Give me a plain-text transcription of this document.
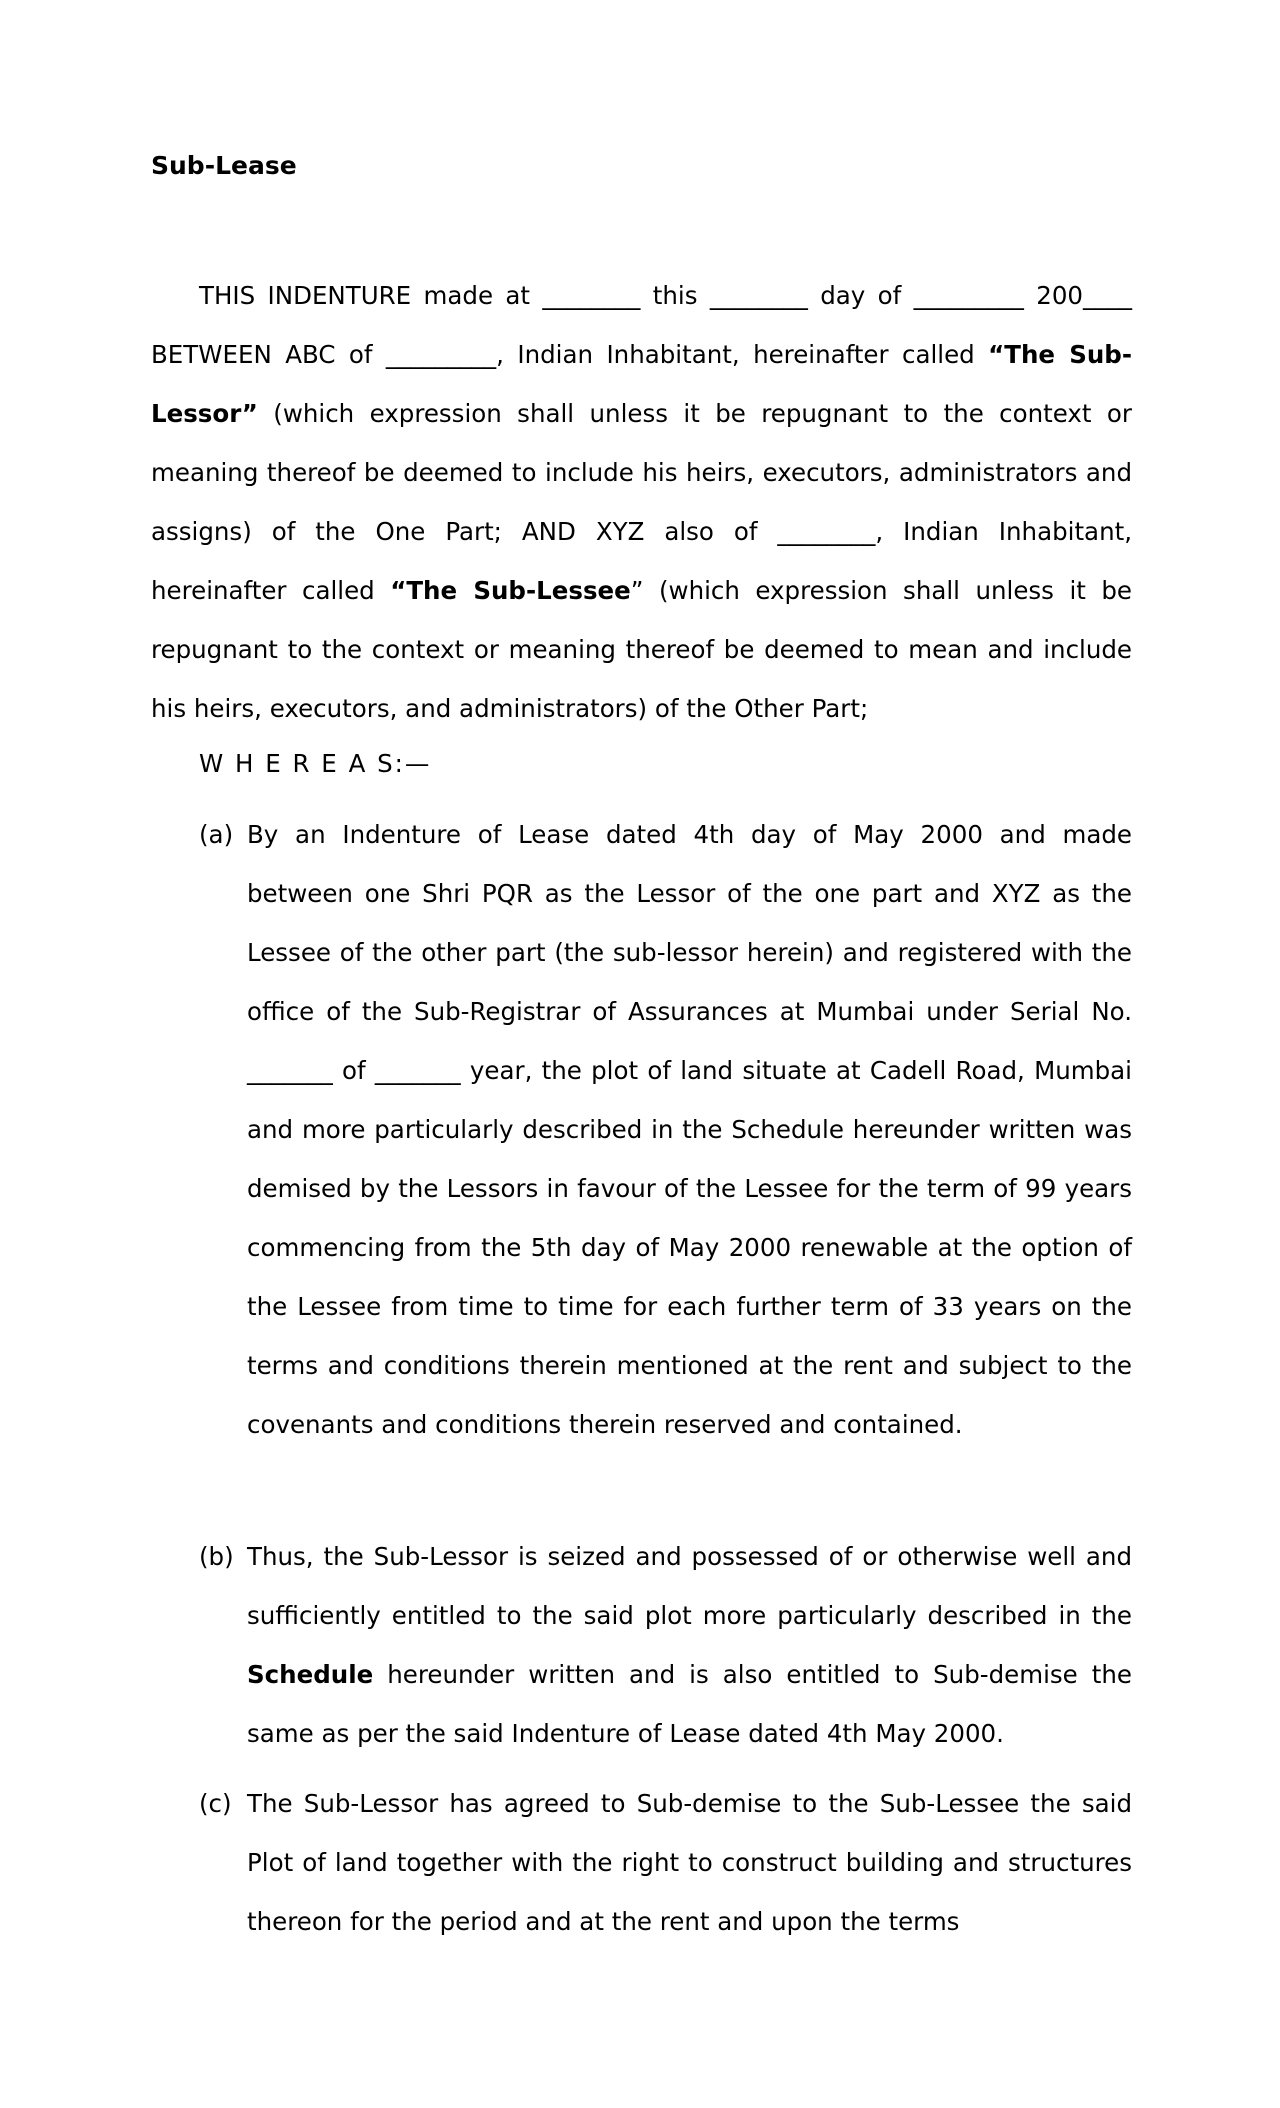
Sub-Lease

THIS INDENTURE made at ________ this ________ day of _________ 200____ BETWEEN ABC of _________, Indian Inhabitant, hereinafter called “The Sub-Lessor” (which expression shall unless it be repugnant to the context or meaning thereof be deemed to include his heirs, executors, administrators and assigns) of the One Part; AND XYZ also of ________, Indian Inhabitant, hereinafter called “The Sub-Lessee” (which expression shall unless it be repugnant to the context or meaning thereof be deemed to mean and include his heirs, executors, and administrators) of the Other Part;

W H E R E A S:—

(a) By an Indenture of Lease dated 4th day of May 2000 and made between one Shri PQR as the Lessor of the one part and XYZ as the Lessee of the other part (the sub-lessor herein) and registered with the office of the Sub-Registrar of Assurances at Mumbai under Serial No. _______ of _______ year, the plot of land situate at Cadell Road, Mumbai and more particularly described in the Schedule hereunder written was demised by the Lessors in favour of the Lessee for the term of 99 years commencing from the 5th day of May 2000 renewable at the option of the Lessee from time to time for each further term of 33 years on the terms and conditions therein mentioned at the rent and subject to the covenants and conditions therein reserved and contained.
(b) Thus, the Sub-Lessor is seized and possessed of or otherwise well and sufficiently entitled to the said plot more particularly described in the Schedule hereunder written and is also entitled to Sub-demise the same as per the said Indenture of Lease dated 4th May 2000.
(c) The Sub-Lessor has agreed to Sub-demise to the Sub-Lessee the said Plot of land together with the right to construct building and structures thereon for the period and at the rent and upon the terms
